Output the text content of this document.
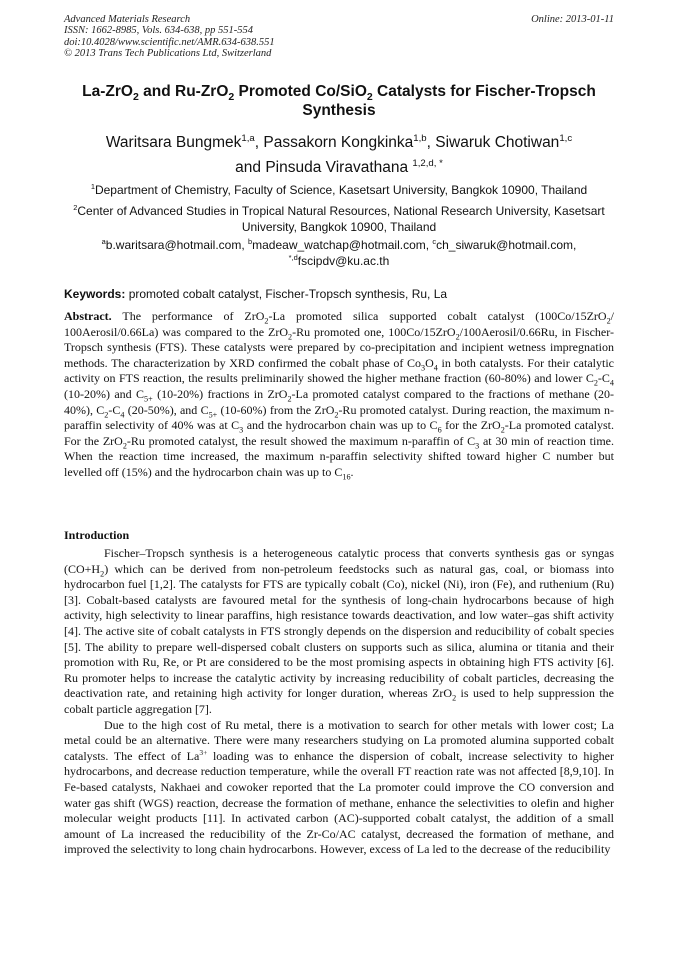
Advanced Materials Research
ISSN: 1662-8985, Vols. 634-638, pp 551-554
doi:10.4028/www.scientific.net/AMR.634-638.551
© 2013 Trans Tech Publications Ltd, Switzerland
Online: 2013-01-11
La-ZrO$_2$ and Ru-ZrO$_2$ Promoted Co/SiO$_2$ Catalysts for Fischer-Tropsch Synthesis
Waritsara Bungmek$^{1,a}$, Passakorn Kongkinka$^{1,b}$, Siwaruk Chotiwan$^{1,c}$
and Pinsuda Viravathana $^{1,2,d, *}$
$^1$Department of Chemistry, Faculty of Science, Kasetsart University, Bangkok 10900, Thailand
$^2$Center of Advanced Studies in Tropical Natural Resources, National Research University, Kasetsart University, Bangkok 10900, Thailand
$^a$b.waritsara@hotmail.com, $^b$madeaw_watchap@hotmail.com, $^c$ch_siwaruk@hotmail.com,
$^{*,d}$fscipdv@ku.ac.th
Keywords: promoted cobalt catalyst, Fischer-Tropsch synthesis, Ru, La
Abstract. The performance of ZrO$_2$-La promoted silica supported cobalt catalyst (100Co/15ZrO$_2$/ 100Aerosil/0.66La) was compared to the ZrO$_2$-Ru promoted one, 100Co/15ZrO$_2$/100Aerosil/0.66Ru, in Fischer-Tropsch synthesis (FTS). These catalysts were prepared by co-precipitation and incipient wetness impregnation methods. The characterization by XRD confirmed the cobalt phase of $Co_3O_4$ in both catalysts. For their catalytic activity on FTS reaction, the results preliminarily showed the higher methane fraction (60-80%) and lower $C_2-C_4$ (10-20%) and $C_{5+}$ (10-20%) fractions in ZrO$_2$-La promoted catalyst compared to the fractions of methane (20-40%), $C_2-C_4$ (20-50%), and $C_{5+}$ (10-60%) from the ZrO$_2$-Ru promoted catalyst. During reaction, the maximum n-paraffin selectivity of 40% was at $C_3$ and the hydrocarbon chain was up to $C_6$ for the ZrO$_2$-La promoted catalyst. For the ZrO$_2$-Ru promoted catalyst, the result showed the maximum n-paraffin of $C_3$ at 30 min of reaction time. When the reaction time increased, the maximum n-paraffin selectivity shifted toward higher C number but levelled off (15%) and the hydrocarbon chain was up to $C_{16}$.
Introduction

Fischer–Tropsch synthesis is a heterogeneous catalytic process that converts synthesis gas or syngas $(CO+H_2)$ which can be derived from non-petroleum feedstocks such as natural gas, coal, or biomass into hydrocarbon fuel [1,2]. The catalysts for FTS are typically cobalt (Co), nickel (Ni), iron (Fe), and ruthenium (Ru) [3]. Cobalt-based catalysts are favoured metal for the synthesis of long-chain hydrocarbons because of high activity, high selectivity to linear paraffins, high resistance towards deactivation, and low water–gas shift activity [4]. The active site of cobalt catalysts in FTS strongly depends on the dispersion and reducibility of cobalt species [5]. The ability to prepare well-dispersed cobalt clusters on supports such as silica, alumina or titania and their promotion with Ru, Re, or Pt are considered to be the most promising aspects in obtaining high FTS activity [6]. Ru promoter helps to increase the catalytic activity by increasing reducibility of cobalt particles, decreasing the deactivation rate, and retaining high activity for longer duration, whereas ZrO$_2$ is used to help suppression the cobalt particle aggregation [7].

Due to the high cost of Ru metal, there is a motivation to search for other metals with lower cost; La metal could be an alternative. There were many researchers studying on La promoted alumina supported cobalt catalysts. The effect of $La^{3+}$ loading was to enhance the dispersion of cobalt, increase selectivity to higher hydrocarbons, and decrease reduction temperature, while the overall FT reaction rate was not affected [8,9,10]. In Fe-based catalysts, Nakhaei and cowoker reported that the La promoter could improve the CO conversion and water gas shift (WGS) reaction, decrease the formation of methane, enhance the selectivities to olefin and higher molecular weight products [11]. In activated carbon (AC)-supported cobalt catalyst, the addition of a small amount of La increased the reducibility of the Zr-Co/AC catalyst, decreased the formation of methane, and improved the selectivity to long chain hydrocarbons. However, excess of La led to the decrease of the reducibility
